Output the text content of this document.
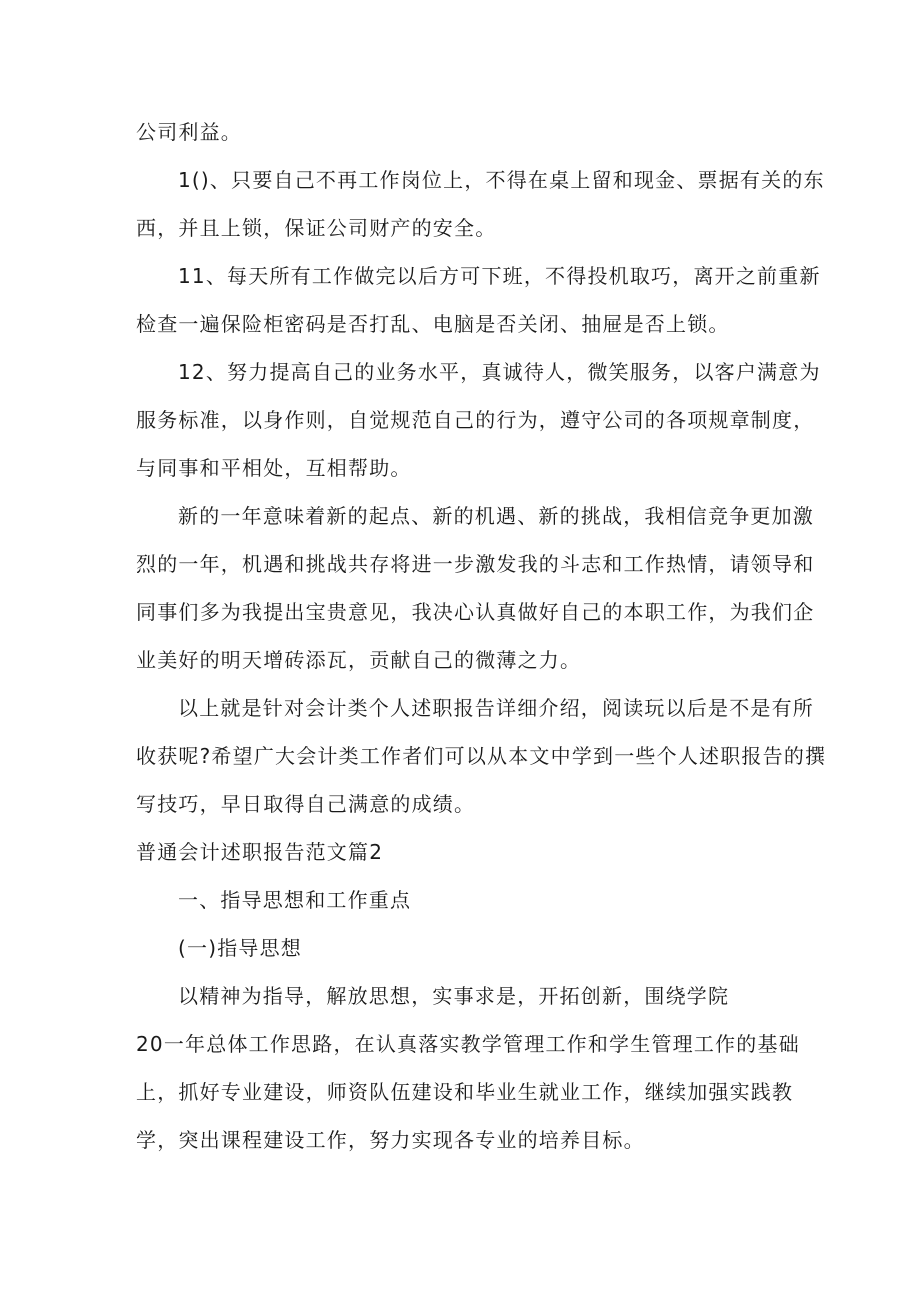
公司利益。
1()、只要自己不再工作岗位上，不得在桌上留和现金、票据有关的东
西，并且上锁，保证公司财产的安全。
11、每天所有工作做完以后方可下班，不得投机取巧，离开之前重新
检查一遍保险柜密码是否打乱、电脑是否关闭、抽屉是否上锁。
12、努力提高自己的业务水平，真诚待人，微笑服务，以客户满意为
服务标准，以身作则，自觉规范自己的行为，遵守公司的各项规章制度，
与同事和平相处，互相帮助。
新的一年意味着新的起点、新的机遇、新的挑战，我相信竞争更加激
烈的一年，机遇和挑战共存将进一步激发我的斗志和工作热情，请领导和
同事们多为我提出宝贵意见，我决心认真做好自己的本职工作，为我们企
业美好的明天增砖添瓦，贡献自己的微薄之力。
以上就是针对会计类个人述职报告详细介绍，阅读玩以后是不是有所
收获呢?希望广大会计类工作者们可以从本文中学到一些个人述职报告的撰
写技巧，早日取得自己满意的成绩。
普通会计述职报告范文篇2
一、指导思想和工作重点
(一)指导思想
以精神为指导，解放思想，实事求是，开拓创新，围绕学院
20一年总体工作思路，在认真落实教学管理工作和学生管理工作的基础
上，抓好专业建设，师资队伍建设和毕业生就业工作，继续加强实践教
学，突出课程建设工作，努力实现各专业的培养目标。
